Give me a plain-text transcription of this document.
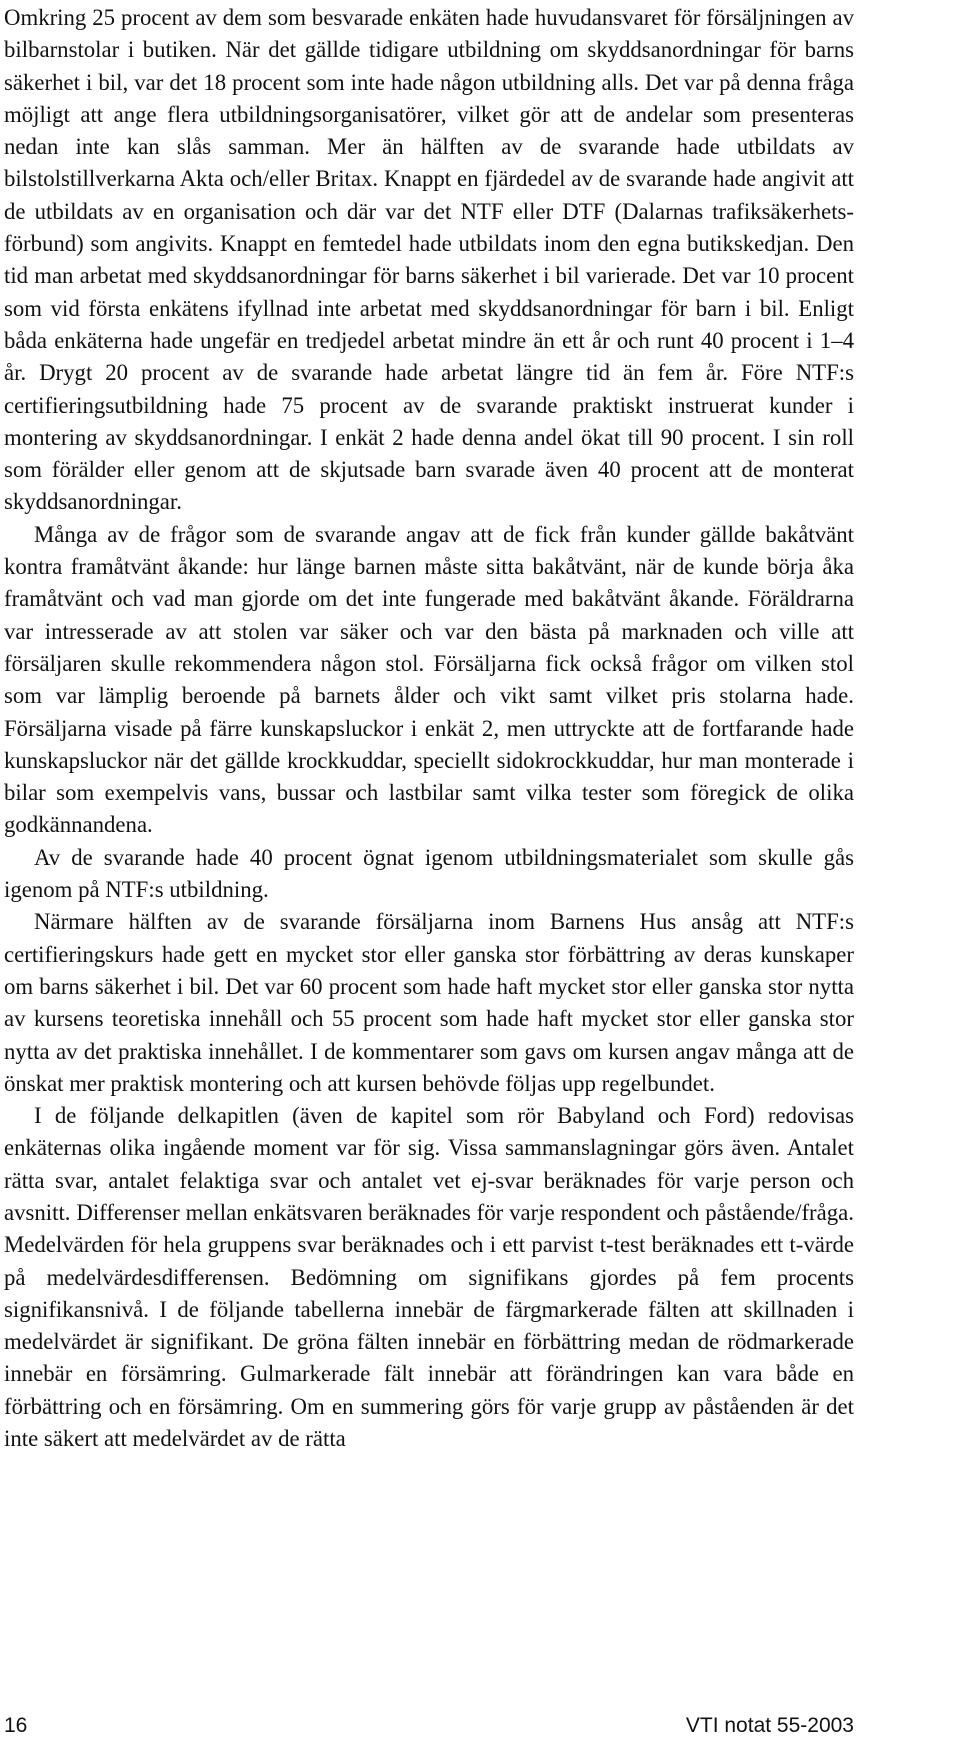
Omkring 25 procent av dem som besvarade enkäten hade huvudansvaret för försäljningen av bilbarnstolar i butiken. När det gällde tidigare utbildning om skyddsanordningar för barns säkerhet i bil, var det 18 procent som inte hade någon utbildning alls. Det var på denna fråga möjligt att ange flera utbildningsorganisatörer, vilket gör att de andelar som presenteras nedan inte kan slås samman. Mer än hälften av de svarande hade utbildats av bilstolstillverkarna Akta och/eller Britax. Knappt en fjärdedel av de svarande hade angivit att de utbildats av en organisation och där var det NTF eller DTF (Dalarnas trafiksäkerhetsförbund) som angivits. Knappt en femtedel hade utbildats inom den egna butikskedjan. Den tid man arbetat med skyddsanordningar för barns säkerhet i bil varierade. Det var 10 procent som vid första enkätens ifyllnad inte arbetat med skyddsanordningar för barn i bil. Enligt båda enkäterna hade ungefär en tredjedel arbetat mindre än ett år och runt 40 procent i 1–4 år. Drygt 20 procent av de svarande hade arbetat längre tid än fem år. Före NTF:s certifieringsutbildning hade 75 procent av de svarande praktiskt instruerat kunder i montering av skyddsanordningar. I enkät 2 hade denna andel ökat till 90 procent. I sin roll som förälder eller genom att de skjutsade barn svarade även 40 procent att de monterat skyddsanordningar.

Många av de frågor som de svarande angav att de fick från kunder gällde bakåtvänt kontra framåtvänt åkande: hur länge barnen måste sitta bakåtvänt, när de kunde börja åka framåtvänt och vad man gjorde om det inte fungerade med bakåtvänt åkande. Föräldrarna var intresserade av att stolen var säker och var den bästa på marknaden och ville att försäljaren skulle rekommendera någon stol. Försäljarna fick också frågor om vilken stol som var lämplig beroende på barnets ålder och vikt samt vilket pris stolarna hade. Försäljarna visade på färre kunskapsluckor i enkät 2, men uttryckte att de fortfarande hade kunskapsluckor när det gällde krockkuddar, speciellt sidokrockkuddar, hur man monterade i bilar som exempelvis vans, bussar och lastbilar samt vilka tester som föregick de olika godkännandena.

Av de svarande hade 40 procent ögnat igenom utbildningsmaterialet som skulle gås igenom på NTF:s utbildning.

Närmare hälften av de svarande försäljarna inom Barnens Hus ansåg att NTF:s certifieringskurs hade gett en mycket stor eller ganska stor förbättring av deras kunskaper om barns säkerhet i bil. Det var 60 procent som hade haft mycket stor eller ganska stor nytta av kursens teoretiska innehåll och 55 procent som hade haft mycket stor eller ganska stor nytta av det praktiska innehållet. I de kommentarer som gavs om kursen angav många att de önskat mer praktisk montering och att kursen behövde följas upp regelbundet.

I de följande delkapitlen (även de kapitel som rör Babyland och Ford) redovisas enkäternas olika ingående moment var för sig. Vissa sammanslagningar görs även. Antalet rätta svar, antalet felaktiga svar och antalet vet ej-svar beräknades för varje person och avsnitt. Differenser mellan enkätsvaren beräknades för varje respondent och påstående/fråga. Medelvärden för hela gruppens svar beräknades och i ett parvist t-test beräknades ett t-värde på medelvärdesdifferensen. Bedömning om signifikans gjordes på fem procents signifikansnivå. I de följande tabellerna innebär de färgmarkerade fälten att skillnaden i medelvärdet är signifikant. De gröna fälten innebär en förbättring medan de rödmarkerade innebär en försämring. Gulmarkerade fält innebär att förändringen kan vara både en förbättring och en försämring. Om en summering görs för varje grupp av påståenden är det inte säkert att medelvärdet av de rätta

16	VTI notat 55-2003
